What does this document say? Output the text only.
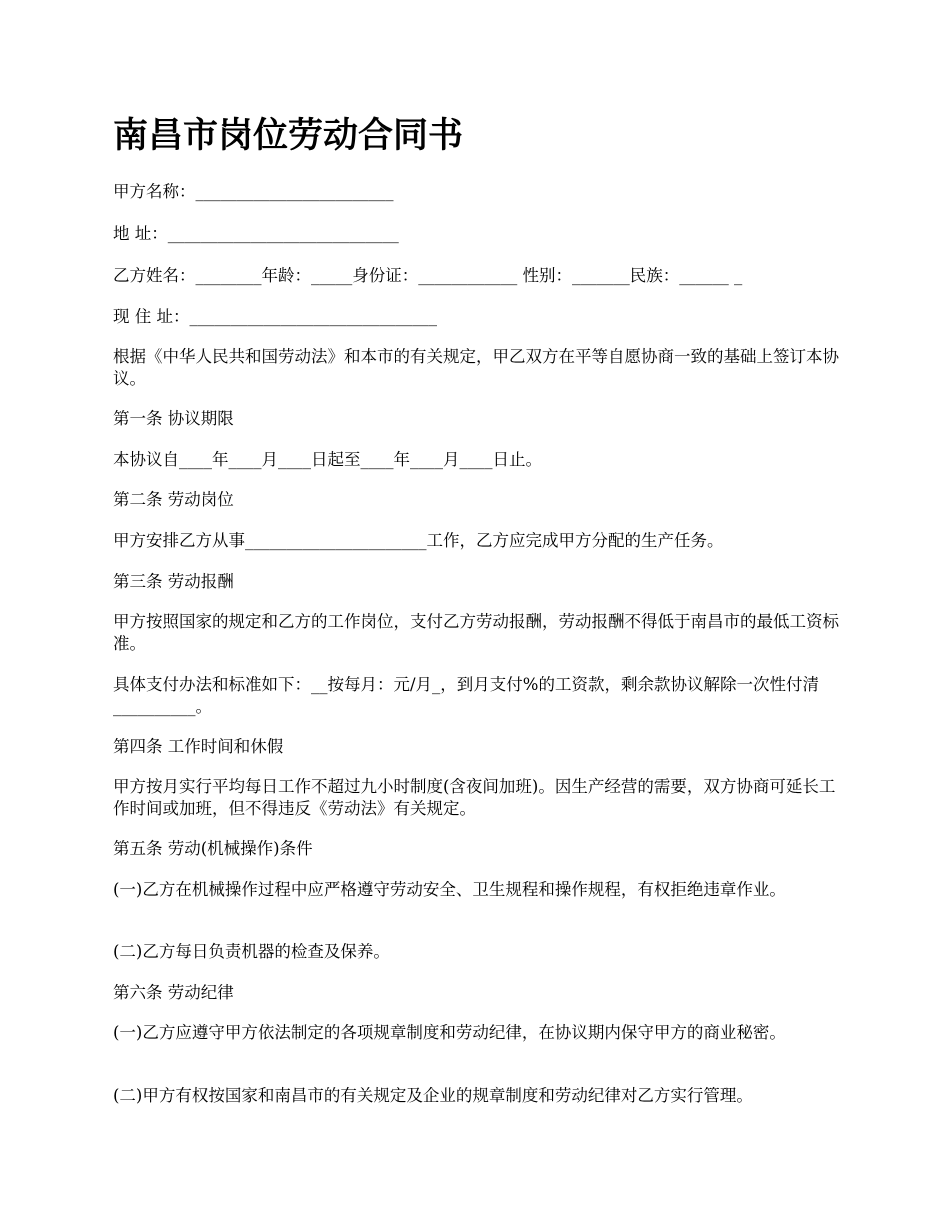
南昌市岗位劳动合同书

甲方名称：________________________

地 址：____________________________

乙方姓名：________年龄：_____身份证：____________ 性别：_______民族：______ _

现 住 址：______________________________

根据《中华人民共和国劳动法》和本市的有关规定，甲乙双方在平等自愿协商一致的基础上签订本协议。

第一条 协议期限

本协议自____年____月____日起至____年____月____日止。

第二条 劳动岗位

甲方安排乙方从事______________________工作，乙方应完成甲方分配的生产任务。

第三条 劳动报酬

甲方按照国家的规定和乙方的工作岗位，支付乙方劳动报酬，劳动报酬不得低于南昌市的最低工资标准。

具体支付办法和标准如下：__按每月：元/月_，到月支付%的工资款，剩余款协议解除一次性付清__________。

第四条 工作时间和休假

甲方按月实行平均每日工作不超过九小时制度(含夜间加班)。因生产经营的需要，双方协商可延长工作时间或加班，但不得违反《劳动法》有关规定。

第五条 劳动(机械操作)条件

(一)乙方在机械操作过程中应严格遵守劳动安全、卫生规程和操作规程，有权拒绝违章作业。

(二)乙方每日负责机器的检查及保养。

第六条 劳动纪律

(一)乙方应遵守甲方依法制定的各项规章制度和劳动纪律，在协议期内保守甲方的商业秘密。

(二)甲方有权按国家和南昌市的有关规定及企业的规章制度和劳动纪律对乙方实行管理。
